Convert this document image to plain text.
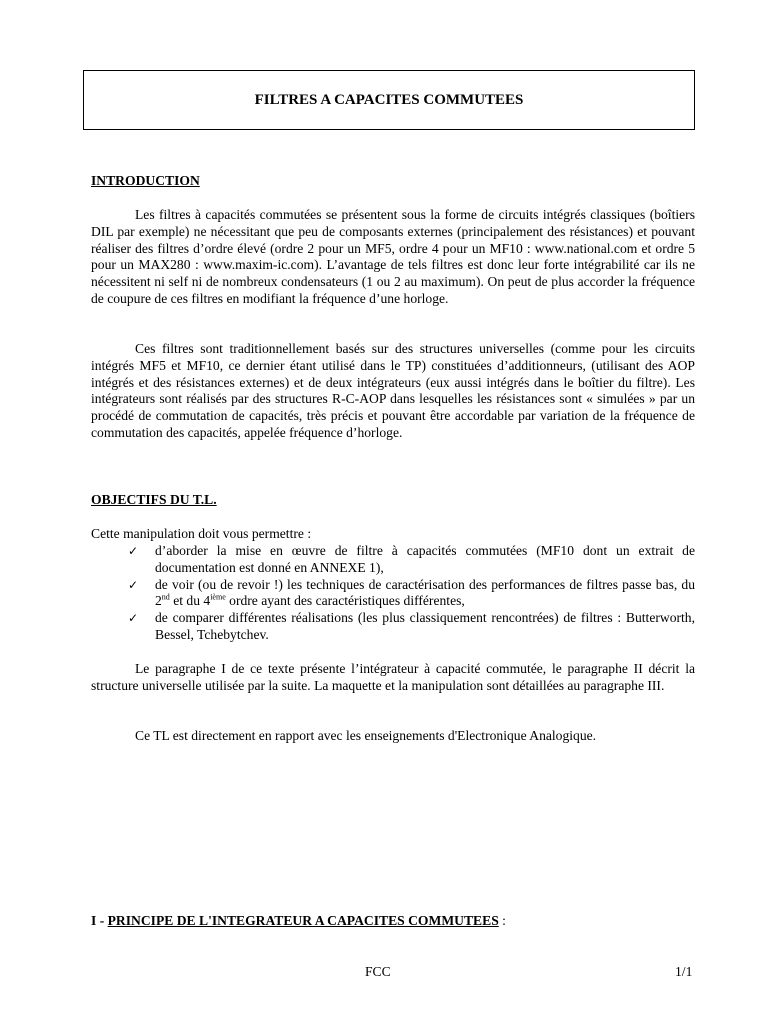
FILTRES A CAPACITES COMMUTEES
INTRODUCTION
Les filtres à capacités commutées se présentent sous la forme de circuits intégrés classiques (boîtiers DIL par exemple) ne nécessitant que peu de composants externes (principalement des résistances) et pouvant réaliser des filtres d’ordre élevé (ordre 2 pour un MF5, ordre 4 pour un MF10 : www.national.com et ordre 5 pour un MAX280 : www.maxim-ic.com). L’avantage de tels filtres est donc leur forte intégrabilité car ils ne nécessitent ni self ni de nombreux condensateurs (1 ou 2 au maximum). On peut de plus accorder la fréquence de coupure de ces filtres en modifiant la fréquence d’une horloge.
Ces filtres sont traditionnellement basés sur des structures universelles (comme pour les circuits intégrés MF5 et MF10, ce dernier étant utilisé dans le TP) constituées d’additionneurs, (utilisant des AOP intégrés et des résistances externes) et de deux intégrateurs (eux aussi intégrés dans le boîtier du filtre). Les intégrateurs sont réalisés par des structures R-C-AOP dans lesquelles les résistances sont « simulées » par un procédé de commutation de capacités, très précis et pouvant être accordable par variation de la fréquence de commutation des capacités, appelée fréquence d’horloge.
OBJECTIFS DU T.L.
Cette manipulation doit vous permettre :
✓ d’aborder la mise en œuvre de filtre à capacités commutées (MF10 dont un extrait de documentation est donné en ANNEXE 1),
✓ de voir (ou de revoir !) les techniques de caractérisation des performances de filtres passe bas, du 2nd et du 4ième ordre ayant des caractéristiques différentes,
✓ de comparer différentes réalisations (les plus classiquement rencontrées) de filtres : Butterworth, Bessel, Tchebytchev.
Le paragraphe I de ce texte présente l’intégrateur à capacité commutée, le paragraphe II décrit la structure universelle utilisée par la suite. La maquette et la manipulation sont détaillées au paragraphe III.
Ce TL est directement en rapport avec les enseignements d'Electronique Analogique.
I - PRINCIPE DE L'INTEGRATEUR A CAPACITES COMMUTEES :
FCC	1/1
